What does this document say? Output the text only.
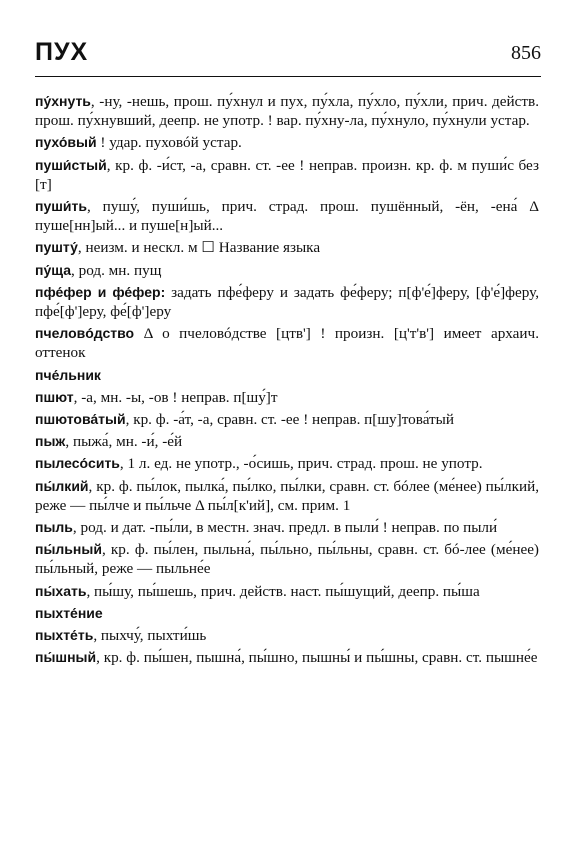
ПУХ	856

пу́хнуть, -ну, -нешь, прош. пу́хнул и пух, пу́хла, пу́хло, пу́хли, прич. действ. прош. пу́хнувший, деепр. не употр. ! вар. пу́хну-ла, пу́хнуло, пу́хнули устар.

пухо́вый ! удар. пуховóй устар.

пуши́стый, кр. ф. -и́ст, -а, сравн. ст. -ее ! неправ. произн. кр. ф. м пуши́с без [т]

пуши́ть, пушу́, пуши́шь, прич. страд. прош. пушённый, -ён, -ена́ Δ пуше[нн]ый... и пуше[н]ый...

пушту́, неизм. и нескл. м ☐ Название языка

пу́ща, род. мн. пущ

пфе́фер и фе́фер: задать пфе́феру и задать фе́феру; п[ф'е́]феру, [ф'е́]феру, пфе́[ф']еру, фе́[ф']еру

пчеловóдство Δ о пчеловóдстве [цтв'] ! произн. [ц'т'в'] имеет архаич. оттенок

пче́льник

пшют, -а, мн. -ы, -ов ! неправ. п[шу́]т

пшютова́тый, кр. ф. -а́т, -а, сравн. ст. -ее ! неправ. п[шу]това́тый

пыж, пыжа́, мн. -и́, -е́й

пылесо́сить, 1 л. ед. не употр., -о́сишь, прич. страд. прош. не употр.

пы́лкий, кр. ф. пы́лок, пылка́, пы́лко, пы́лки, сравн. ст. бóлее (ме́нее) пы́лкий, реже — пы́лче и пы́льче Δ пы́л[к'ий], см. прим. 1

пыль, род. и дат. -пы́ли, в местн. знач. предл. в пыли́ ! неправ. по пыли́

пы́льный, кр. ф. пы́лен, пыльна́, пы́льно, пы́льны, сравн. ст. бó-лее (ме́нее) пы́льный, реже — пыльне́е

пы́хать, пы́шу, пы́шешь, прич. действ. наст. пы́шущий, деепр. пы́ша

пыхте́ние

пыхте́ть, пыхчу́, пыхти́шь

пы́шный, кр. ф. пы́шен, пышна́, пы́шно, пышны́ и пы́шны, сравн. ст. пышне́е
